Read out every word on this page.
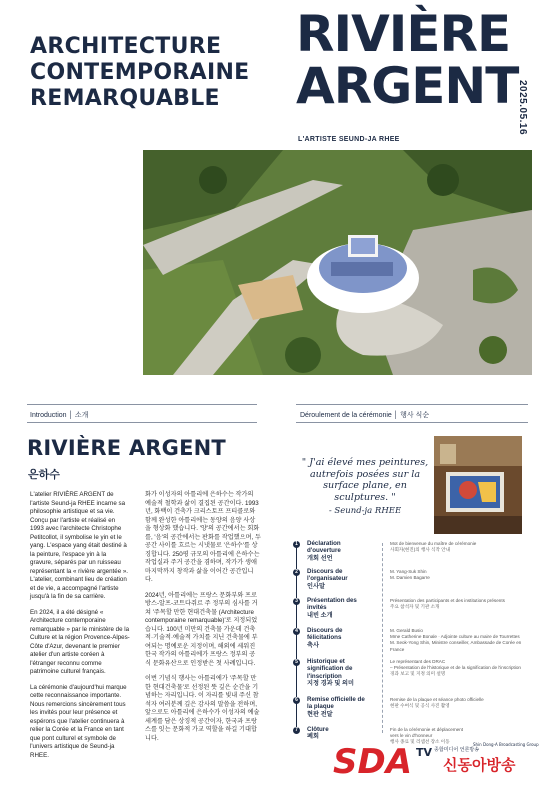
ARCHITECTURE
CONTEMPORAINE
REMARQUABLE
RIVIÈRE
ARGENT
2025.05.16
L'ARTISTE SEUND-JA RHEE
Introduction │ 소개	Déroulement de la cérémonie │ 행사 식순
RIVIÈRE ARGENT
은하수

L'atelier RIVIÈRE ARGENT de l'artiste Seund-ja RHEE incarne sa philosophie artistique et sa vie. Conçu par l'artiste et réalisé en 1993 avec l'architecte Christophe Petitcollot, il symbolise le yin et le yang. L'espace yang était destiné à la peinture, l'espace yin à la gravure, séparés par un ruisseau représentant la « rivière argentée ». L'atelier, combinant lieu de création et de vie, a accompagné l'artiste jusqu'à la fin de sa carrière.

En 2024, il a été désigné « Architecture contemporaine remarquable » par le ministère de la Culture et la région Provence-Alpes-Côte d'Azur, devenant le premier atelier d'un artiste coréen à l'étranger reconnu comme patrimoine culturel français.

La cérémonie d'aujourd'hui marque cette reconnaissance importante. Nous remercions sincèrement tous les invités pour leur présence et espérons que l'atelier continuera à relier la Corée et la France en tant que pont culturel et symbole de l'univers artistique de Seund-ja RHEE.

화가 이성자의 아틀리에 은하수는 작가의 예술적 철학과 삶이 결집된 공간이다. 1993년, 화백이 건축가 크리스토프 프티콜로와 함께 완성한 아틀리에는 동양의 음양 사상을 형상화 했습니다. '양'의 공간에서는 회화를, '음'의 공간에서는 판화를 작업했으며, 두 공간 사이를 흐르는 시냇물로 '은하수'를 상징합니다. 250평 규모의 아틀리에 은하수는 작업실과 주거 공간을 겸하며, 작가가 생애 마지막까지 창작과 삶을 이어간 공간입니다.

2024년, 아틀리에는 프랑스 문화부와 프로방스-알프-코트다쥐르 주 정부의 심사를 거쳐 '주목할 만한 현대건축물 (Architecture contemporaine remarquable)'로 지정되었습니다. 100년 미만의 건축물 가운데 건축적·기술적·예술적 가치를 지닌 건축물에 부여되는 명예로운 지정이며, 해외에 세워진 한국 작가의 아틀리에가 프랑스 정부의 공식 문화유산으로 인정받은 첫 사례입니다.

이번 기념식 행사는 아틀리에가 '주목할 만한 현대건축물'로 선정된 뜻 깊은 순간을 기념하는 자리입니다. 이 자리를 빛내 주신 참석자 여러분께 깊은 감사의 말씀을 전하며, 앞으로도 아틀리에 은하수가 이성자의 예술 세계를 담은 상징적 공간이자, 한국과 프랑스를 잇는 문화적 가교 역할을 하길 기대합니다.

" J'ai élevé mes peintures, autrefois posées sur la surface plane, en sculptures. "
- Seund-ja RHEE
1	Déclaration d'ouverture
개회 선언
Mot de bienvenue du maître de cérémonie
사회자(현진)의 행사 식작 안내
2	Discours de l'organisateur
인사말
M. Yang-Suk Shin
M. Damien Bagarre
3	Présentation des invités
내빈 소개
Présentation des participants et des institutions présents
주요 참석자 및 기관 소개
4	Discours de félicitations
축사
M. Gerald Busio
Mme Catherine Bonale · Adjointe culture au maire de Tourrettes
M. Seok-Yong Shin, Ministre conseiller, Ambassade de Corée en France
5	Historique et signification de l'inscription
지정 경과 및 의미
Le représentant des DRAC
– Présentation de l'historique et de la signification de l'inscription
경과 보고 및 지정 의미 설명
6	Remise officielle de la plaque
현판 전달
Remise de la plaque et séance photo officielle
현판 수여식 및 공식 사진 촬영
7	Clôture
폐회
Fin de la cérémonie et déplacement vers le vin d'honneur
행사 종료 및 리셉션 장소 이동
SDA TV 종합미디어 언론방송
Shin Dong-A Broadcasting Group
신동아방송
